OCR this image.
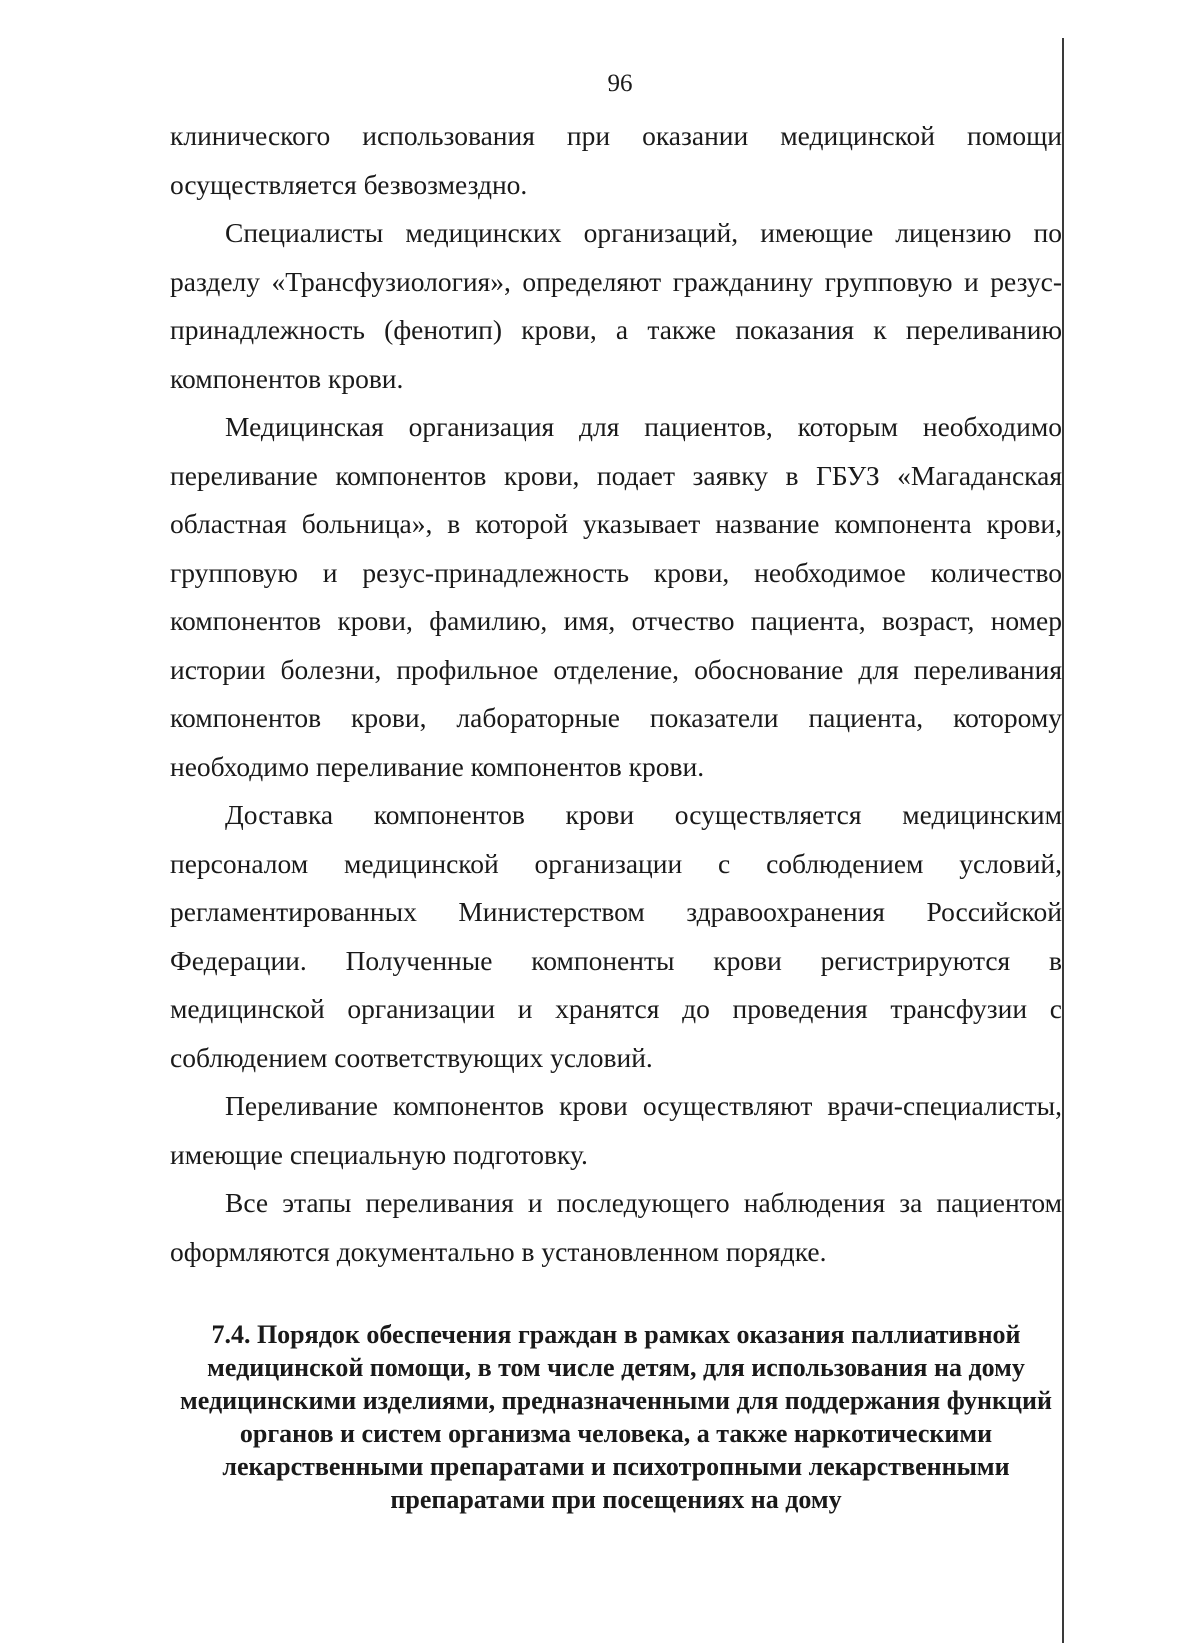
96

клинического использования при оказании медицинской помощи осуществляется безвозмездно.

Специалисты медицинских организаций, имеющие лицензию по разделу «Трансфузиология», определяют гражданину групповую и резус-принадлежность (фенотип) крови, а также показания к переливанию компонентов крови.

Медицинская организация для пациентов, которым необходимо переливание компонентов крови, подает заявку в ГБУЗ «Магаданская областная больница», в которой указывает название компонента крови, групповую и резус-принадлежность крови, необходимое количество компонентов крови, фамилию, имя, отчество пациента, возраст, номер истории болезни, профильное отделение, обоснование для переливания компонентов крови, лабораторные показатели пациента, которому необходимо переливание компонентов крови.

Доставка компонентов крови осуществляется медицинским персоналом медицинской организации с соблюдением условий, регламентированных Министерством здравоохранения Российской Федерации. Полученные компоненты крови регистрируются в медицинской организации и хранятся до проведения трансфузии с соблюдением соответствующих условий.

Переливание компонентов крови осуществляют врачи-специалисты, имеющие специальную подготовку.

Все этапы переливания и последующего наблюдения за пациентом оформляются документально в установленном порядке.

7.4. Порядок обеспечения граждан в рамках оказания паллиативной медицинской помощи, в том числе детям, для использования на дому медицинскими изделиями, предназначенными для поддержания функций органов и систем организма человека, а также наркотическими лекарственными препаратами и психотропными лекарственными препаратами при посещениях на дому
